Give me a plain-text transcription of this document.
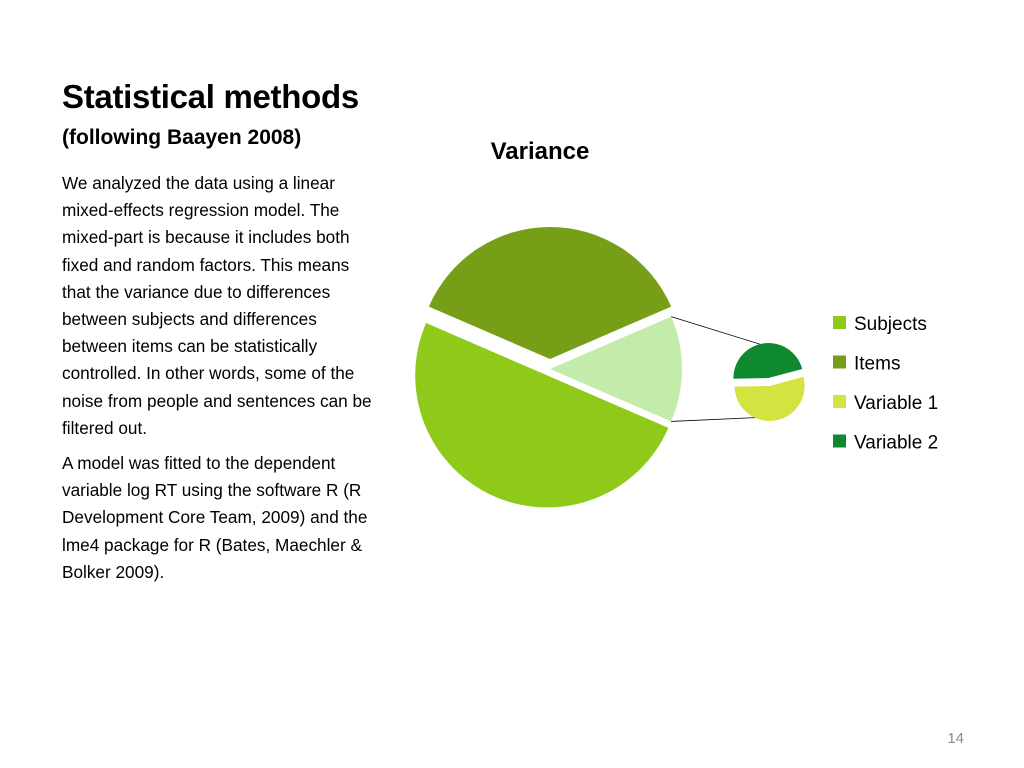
Statistical methods
(following Baayen 2008)

We analyzed the data using a linear mixed-effects regression model. The mixed-part is because it includes both fixed and random factors. This means that the variance due to differences between subjects and differences between items can be statistically controlled. In other words, some of the noise from people and sentences can be filtered out.

A model was fitted to the dependent variable log RT using the software R (R Development Core Team, 2009) and the lme4 package for R (Bates, Maechler & Bolker 2009).

Variance
Subjects
Items
Variable 1
Variable 2
14
